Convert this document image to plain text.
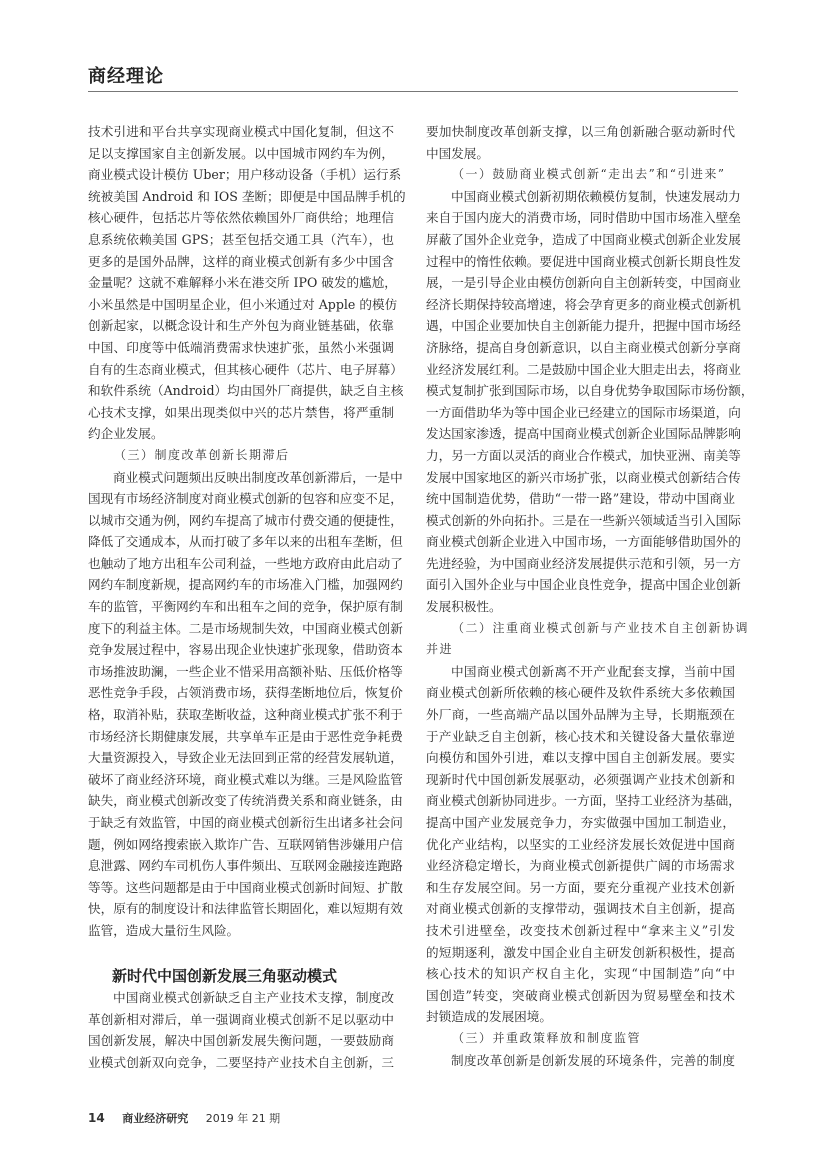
商经理论
技术引进和平台共享实现商业模式中国化复制，但这不
足以支撑国家自主创新发展。以中国城市网约车为例，
商业模式设计模仿 Uber；用户移动设备（手机）运行系
统被美国 Android 和 IOS 垄断；即便是中国品牌手机的
核心硬件，包括芯片等依然依赖国外厂商供给；地理信
息系统依赖美国 GPS；甚至包括交通工具（汽车），也
更多的是国外品牌，这样的商业模式创新有多少中国含
金量呢？这就不难解释小米在港交所 IPO 破发的尴尬，
小米虽然是中国明星企业，但小米通过对 Apple 的模仿
创新起家，以概念设计和生产外包为商业链基础，依靠
中国、印度等中低端消费需求快速扩张，虽然小米强调
自有的生态商业模式，但其核心硬件（芯片、电子屏幕）
和软件系统（Android）均由国外厂商提供，缺乏自主核
心技术支撑，如果出现类似中兴的芯片禁售，将严重制
约企业发展。
（三）制度改革创新长期滞后
商业模式问题频出反映出制度改革创新滞后，一是中
国现有市场经济制度对商业模式创新的包容和应变不足，
以城市交通为例，网约车提高了城市付费交通的便捷性，
降低了交通成本，从而打破了多年以来的出租车垄断，但
也触动了地方出租车公司利益，一些地方政府由此启动了
网约车制度新规，提高网约车的市场准入门槛，加强网约
车的监管，平衡网约车和出租车之间的竞争，保护原有制
度下的利益主体。二是市场规制失效，中国商业模式创新
竞争发展过程中，容易出现企业快速扩张现象，借助资本
市场推波助澜，一些企业不惜采用高额补贴、压低价格等
恶性竞争手段，占领消费市场，获得垄断地位后，恢复价
格，取消补贴，获取垄断收益，这种商业模式扩张不利于
市场经济长期健康发展，共享单车正是由于恶性竞争耗费
大量资源投入，导致企业无法回到正常的经营发展轨道，
破坏了商业经济环境，商业模式难以为继。三是风险监管
缺失，商业模式创新改变了传统消费关系和商业链条，由
于缺乏有效监管，中国的商业模式创新衍生出诸多社会问
题，例如网络搜索嵌入欺诈广告、互联网销售涉嫌用户信
息泄露、网约车司机伤人事件频出、互联网金融接连跑路
等等。这些问题都是由于中国商业模式创新时间短、扩散
快，原有的制度设计和法律监管长期固化，难以短期有效
监管，造成大量衍生风险。
新时代中国创新发展三角驱动模式
中国商业模式创新缺乏自主产业技术支撑，制度改
革创新相对滞后，单一强调商业模式创新不足以驱动中
国创新发展，解决中国创新发展失衡问题，一要鼓励商
业模式创新双向竞争，二要坚持产业技术自主创新，三
要加快制度改革创新支撑，以三角创新融合驱动新时代
中国发展。
（一）鼓励商业模式创新“走出去”和“引进来”
中国商业模式创新初期依赖模仿复制，快速发展动力
来自于国内庞大的消费市场，同时借助中国市场准入壁垒
屏蔽了国外企业竞争，造成了中国商业模式创新企业发展
过程中的惰性依赖。要促进中国商业模式创新长期良性发
展，一是引导企业由模仿创新向自主创新转变，中国商业
经济长期保持较高增速，将会孕育更多的商业模式创新机
遇，中国企业要加快自主创新能力提升，把握中国市场经
济脉络，提高自身创新意识，以自主商业模式创新分享商
业经济发展红利。二是鼓励中国企业大胆走出去，将商业
模式复制扩张到国际市场，以自身优势争取国际市场份额，
一方面借助华为等中国企业已经建立的国际市场渠道，向
发达国家渗透，提高中国商业模式创新企业国际品牌影响
力，另一方面以灵活的商业合作模式，加快亚洲、南美等
发展中国家地区的新兴市场扩张，以商业模式创新结合传
统中国制造优势，借助“一带一路”建设，带动中国商业
模式创新的外向拓扑。三是在一些新兴领域适当引入国际
商业模式创新企业进入中国市场，一方面能够借助国外的
先进经验，为中国商业经济发展提供示范和引领，另一方
面引入国外企业与中国企业良性竞争，提高中国企业创新
发展积极性。
（二）注重商业模式创新与产业技术自主创新协调
并进
中国商业模式创新离不开产业配套支撑，当前中国
商业模式创新所依赖的核心硬件及软件系统大多依赖国
外厂商，一些高端产品以国外品牌为主导，长期瓶颈在
于产业缺乏自主创新，核心技术和关键设备大量依靠逆
向模仿和国外引进，难以支撑中国自主创新发展。要实
现新时代中国创新发展驱动，必须强调产业技术创新和
商业模式创新协同进步。一方面，坚持工业经济为基础，
提高中国产业发展竞争力，夯实做强中国加工制造业，
优化产业结构，以坚实的工业经济发展长效促进中国商
业经济稳定增长，为商业模式创新提供广阔的市场需求
和生存发展空间。另一方面，要充分重视产业技术创新
对商业模式创新的支撑带动，强调技术自主创新，提高
技术引进壁垒，改变技术创新过程中“拿来主义”引发
的短期逐利，激发中国企业自主研发创新积极性，提高
核心技术的知识产权自主化，实现“中国制造”向“中
国创造”转变，突破商业模式创新因为贸易壁垒和技术
封锁造成的发展困境。
（三）并重政策释放和制度监管
制度改革创新是创新发展的环境条件，完善的制度
14 商业经济研究 2019 年 21 期
